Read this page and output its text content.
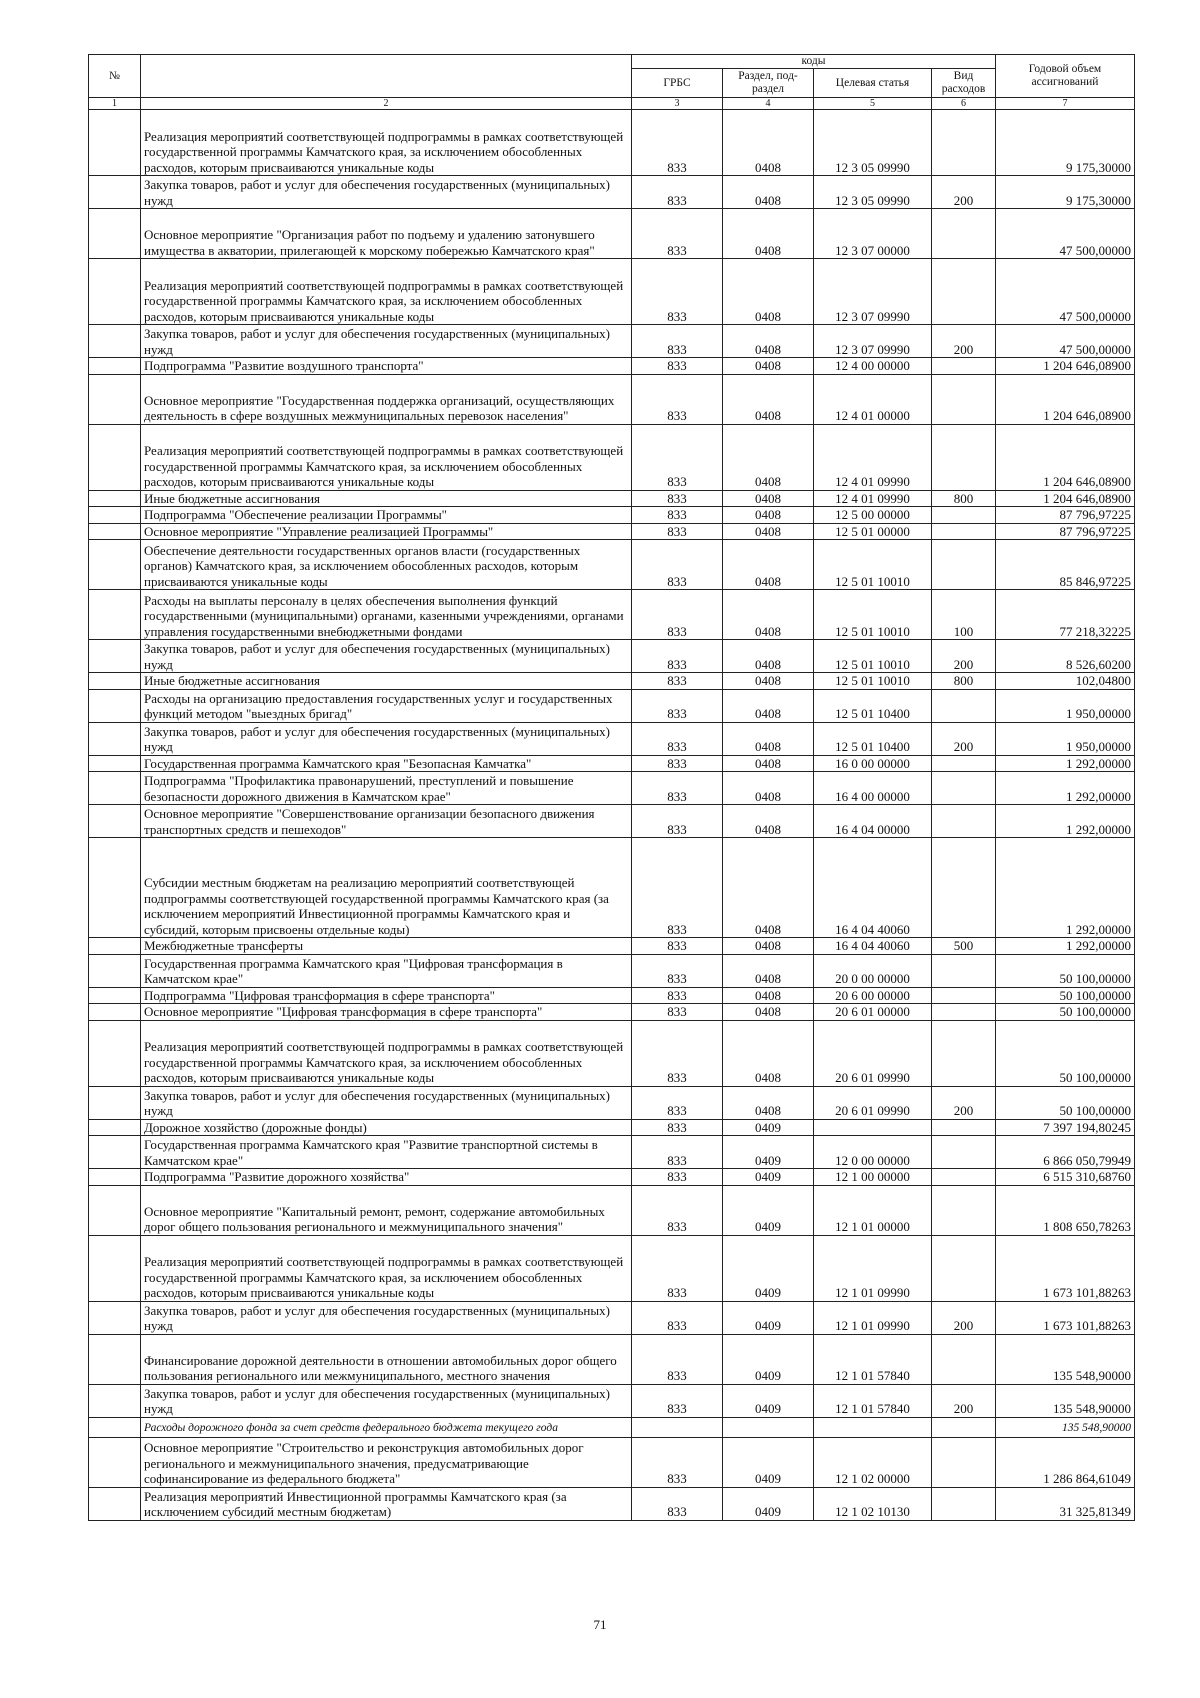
№		коды				Годовой объем ассигнований
		ГРБС	Раздел, под-раздел	Целевая статья	Вид расходов	
1	2	3	4	5	6	7
	Реализация мероприятий соответствующей подпрограммы в рамках соответствующей государственной программы Камчатского края, за исключением обособленных расходов, которым присваиваются уникальные коды	833	0408	12 3 05 09990		9 175,30000
	Закупка товаров, работ и услуг для обеспечения государственных (муниципальных) нужд	833	0408	12 3 05 09990	200	9 175,30000
	Основное мероприятие "Организация работ по подъему и удалению затонувшего имущества в акватории, прилегающей к морскому побережью Камчатского края"	833	0408	12 3 07 00000		47 500,00000
	Реализация мероприятий соответствующей подпрограммы в рамках соответствующей государственной программы Камчатского края, за исключением обособленных расходов, которым присваиваются уникальные коды	833	0408	12 3 07 09990		47 500,00000
	Закупка товаров, работ и услуг для обеспечения государственных (муниципальных) нужд	833	0408	12 3 07 09990	200	47 500,00000
	Подпрограмма "Развитие воздушного транспорта"	833	0408	12 4 00 00000		1 204 646,08900
	Основное мероприятие "Государственная поддержка организаций, осуществляющих деятельность в сфере воздушных межмуниципальных перевозок населения"	833	0408	12 4 01 00000		1 204 646,08900
	Реализация мероприятий соответствующей подпрограммы в рамках соответствующей государственной программы Камчатского края, за исключением обособленных расходов, которым присваиваются уникальные коды	833	0408	12 4 01 09990		1 204 646,08900
	Иные бюджетные ассигнования	833	0408	12 4 01 09990	800	1 204 646,08900
	Подпрограмма "Обеспечение реализации Программы"	833	0408	12 5 00 00000		87 796,97225
	Основное мероприятие "Управление реализацией Программы"	833	0408	12 5 01 00000		87 796,97225
	Обеспечение деятельности государственных органов власти (государственных органов) Камчатского края, за исключением обособленных расходов, которым присваиваются уникальные коды	833	0408	12 5 01 10010		85 846,97225
	Расходы на выплаты персоналу в целях обеспечения выполнения функций государственными (муниципальными) органами, казенными учреждениями, органами управления государственными внебюджетными фондами	833	0408	12 5 01 10010	100	77 218,32225
	Закупка товаров, работ и услуг для обеспечения государственных (муниципальных) нужд	833	0408	12 5 01 10010	200	8 526,60200
	Иные бюджетные ассигнования	833	0408	12 5 01 10010	800	102,04800
	Расходы на организацию предоставления государственных услуг и государственных функций методом "выездных бригад"	833	0408	12 5 01 10400		1 950,00000
	Закупка товаров, работ и услуг для обеспечения государственных (муниципальных) нужд	833	0408	12 5 01 10400	200	1 950,00000
	Государственная программа Камчатского края "Безопасная Камчатка"	833	0408	16 0 00 00000		1 292,00000
	Подпрограмма "Профилактика правонарушений, преступлений и повышение безопасности дорожного движения в Камчатском крае"	833	0408	16 4 00 00000		1 292,00000
	Основное мероприятие "Совершенствование организации безопасного движения транспортных средств и пешеходов"	833	0408	16 4 04 00000		1 292,00000
	Субсидии местным бюджетам на реализацию мероприятий соответствующей подпрограммы соответствующей государственной программы Камчатского края (за исключением мероприятий Инвестиционной программы Камчатского края и субсидий, которым присвоены отдельные коды)	833	0408	16 4 04 40060		1 292,00000
	Межбюджетные трансферты	833	0408	16 4 04 40060	500	1 292,00000
	Государственная программа Камчатского края "Цифровая трансформация в Камчатском крае"	833	0408	20 0 00 00000		50 100,00000
	Подпрограмма "Цифровая трансформация в сфере транспорта"	833	0408	20 6 00 00000		50 100,00000
	Основное мероприятие "Цифровая трансформация в сфере транспорта"	833	0408	20 6 01 00000		50 100,00000
	Реализация мероприятий соответствующей подпрограммы в рамках соответствующей государственной программы Камчатского края, за исключением обособленных расходов, которым присваиваются уникальные коды	833	0408	20 6 01 09990		50 100,00000
	Закупка товаров, работ и услуг для обеспечения государственных (муниципальных) нужд	833	0408	20 6 01 09990	200	50 100,00000
	Дорожное хозяйство (дорожные фонды)	833	0409			7 397 194,80245
	Государственная программа Камчатского края "Развитие транспортной системы в Камчатском крае"	833	0409	12 0 00 00000		6 866 050,79949
	Подпрограмма "Развитие дорожного хозяйства"	833	0409	12 1 00 00000		6 515 310,68760
	Основное мероприятие "Капитальный ремонт, ремонт, содержание автомобильных дорог общего пользования регионального и межмуниципального значения"	833	0409	12 1 01 00000		1 808 650,78263
	Реализация мероприятий соответствующей подпрограммы в рамках соответствующей государственной программы Камчатского края, за исключением обособленных расходов, которым присваиваются уникальные коды	833	0409	12 1 01 09990		1 673 101,88263
	Закупка товаров, работ и услуг для обеспечения государственных (муниципальных) нужд	833	0409	12 1 01 09990	200	1 673 101,88263
	Финансирование дорожной деятельности в отношении автомобильных дорог общего пользования регионального или межмуниципального, местного значения	833	0409	12 1 01 57840		135 548,90000
	Закупка товаров, работ и услуг для обеспечения государственных (муниципальных) нужд	833	0409	12 1 01 57840	200	135 548,90000
	Расходы дорожного фонда за счет средств федерального бюджета текущего года					135 548,90000
	Основное мероприятие "Строительство и реконструкция автомобильных дорог регионального и межмуниципального значения, предусматривающие софинансирование из федерального бюджета"	833	0409	12 1 02 00000		1 286 864,61049
	Реализация мероприятий Инвестиционной программы Камчатского края (за исключением субсидий местным бюджетам)	833	0409	12 1 02 10130		31 325,81349
71
